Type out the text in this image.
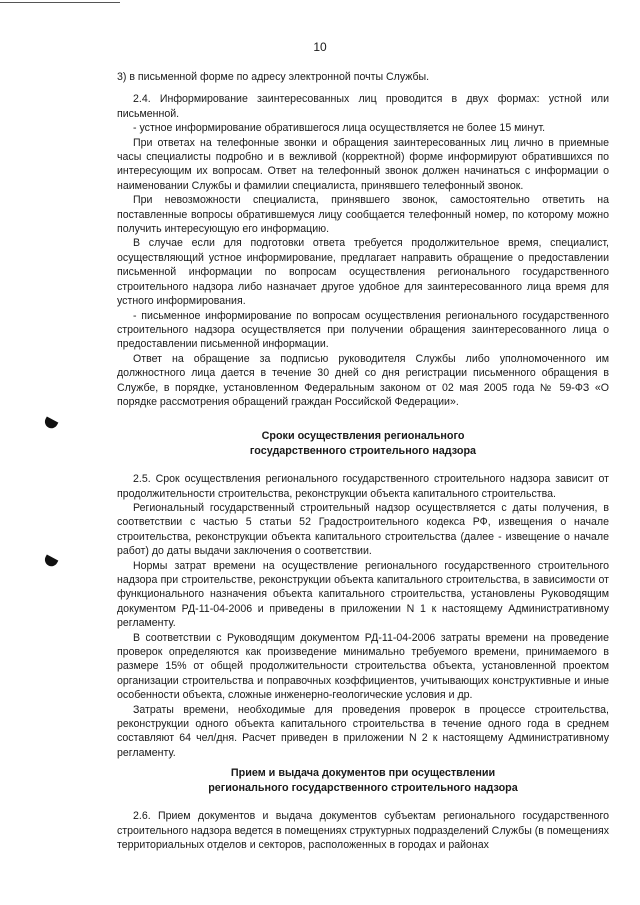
10

3) в письменной форме по адресу электронной почты Службы.

2.4. Информирование заинтересованных лиц проводится в двух формах: устной или письменной.

- устное информирование обратившегося лица осуществляется не более 15 минут.

При ответах на телефонные звонки и обращения заинтересованных лиц лично в приемные часы специалисты подробно и в вежливой (корректной) форме информируют обратившихся по интересующим их вопросам. Ответ на телефонный звонок должен начинаться с информации о наименовании Службы и фамилии специалиста, принявшего телефонный звонок.

При невозможности специалиста, принявшего звонок, самостоятельно ответить на поставленные вопросы обратившемуся лицу сообщается телефонный номер, по которому можно получить интересующую его информацию.

В случае если для подготовки ответа требуется продолжительное время, специалист, осуществляющий устное информирование, предлагает направить обращение о предоставлении письменной информации по вопросам осуществления регионального государственного строительного надзора либо назначает другое удобное для заинтересованного лица время для устного информирования.

- письменное информирование по вопросам осуществления регионального государственного строительного надзора осуществляется при получении обращения заинтересованного лица о предоставлении письменной информации.

Ответ на обращение за подписью руководителя Службы либо уполномоченного им должностного лица дается в течение 30 дней со дня регистрации письменного обращения в Службе, в порядке, установленном Федеральным законом от 02 мая 2005 года № 59-ФЗ «О порядке рассмотрения обращений граждан Российской Федерации».

Сроки осуществления регионального

государственного строительного надзора

2.5. Срок осуществления регионального государственного строительного надзора зависит от продолжительности строительства, реконструкции объекта капитального строительства.

Региональный государственный строительный надзор осуществляется с даты получения, в соответствии с частью 5 статьи 52 Градостроительного кодекса РФ, извещения о начале строительства, реконструкции объекта капитального строительства (далее - извещение о начале работ) до даты выдачи заключения о соответствии.

Нормы затрат времени на осуществление регионального государственного строительного надзора при строительстве, реконструкции объекта капитального строительства, в зависимости от функционального назначения объекта капитального строительства, установлены Руководящим документом РД-11-04-2006 и приведены в приложении N 1 к настоящему Административному регламенту.

В соответствии с Руководящим документом РД-11-04-2006 затраты времени на проведение проверок определяются как произведение минимально требуемого времени, принимаемого в размере 15% от общей продолжительности строительства объекта, установленной проектом организации строительства и поправочных коэффициентов, учитывающих конструктивные и иные особенности объекта, сложные инженерно-геологические условия и др.

Затраты времени, необходимые для проведения проверок в процессе строительства, реконструкции одного объекта капитального строительства в течение одного года в среднем составляют 64 чел/дня. Расчет приведен в приложении N 2 к настоящему Административному регламенту.

Прием и выдача документов при осуществлении

регионального государственного строительного надзора

2.6. Прием документов и выдача документов субъектам регионального государственного строительного надзора ведется в помещениях структурных подразделений Службы (в помещениях территориальных отделов и секторов, расположенных в городах и районах
